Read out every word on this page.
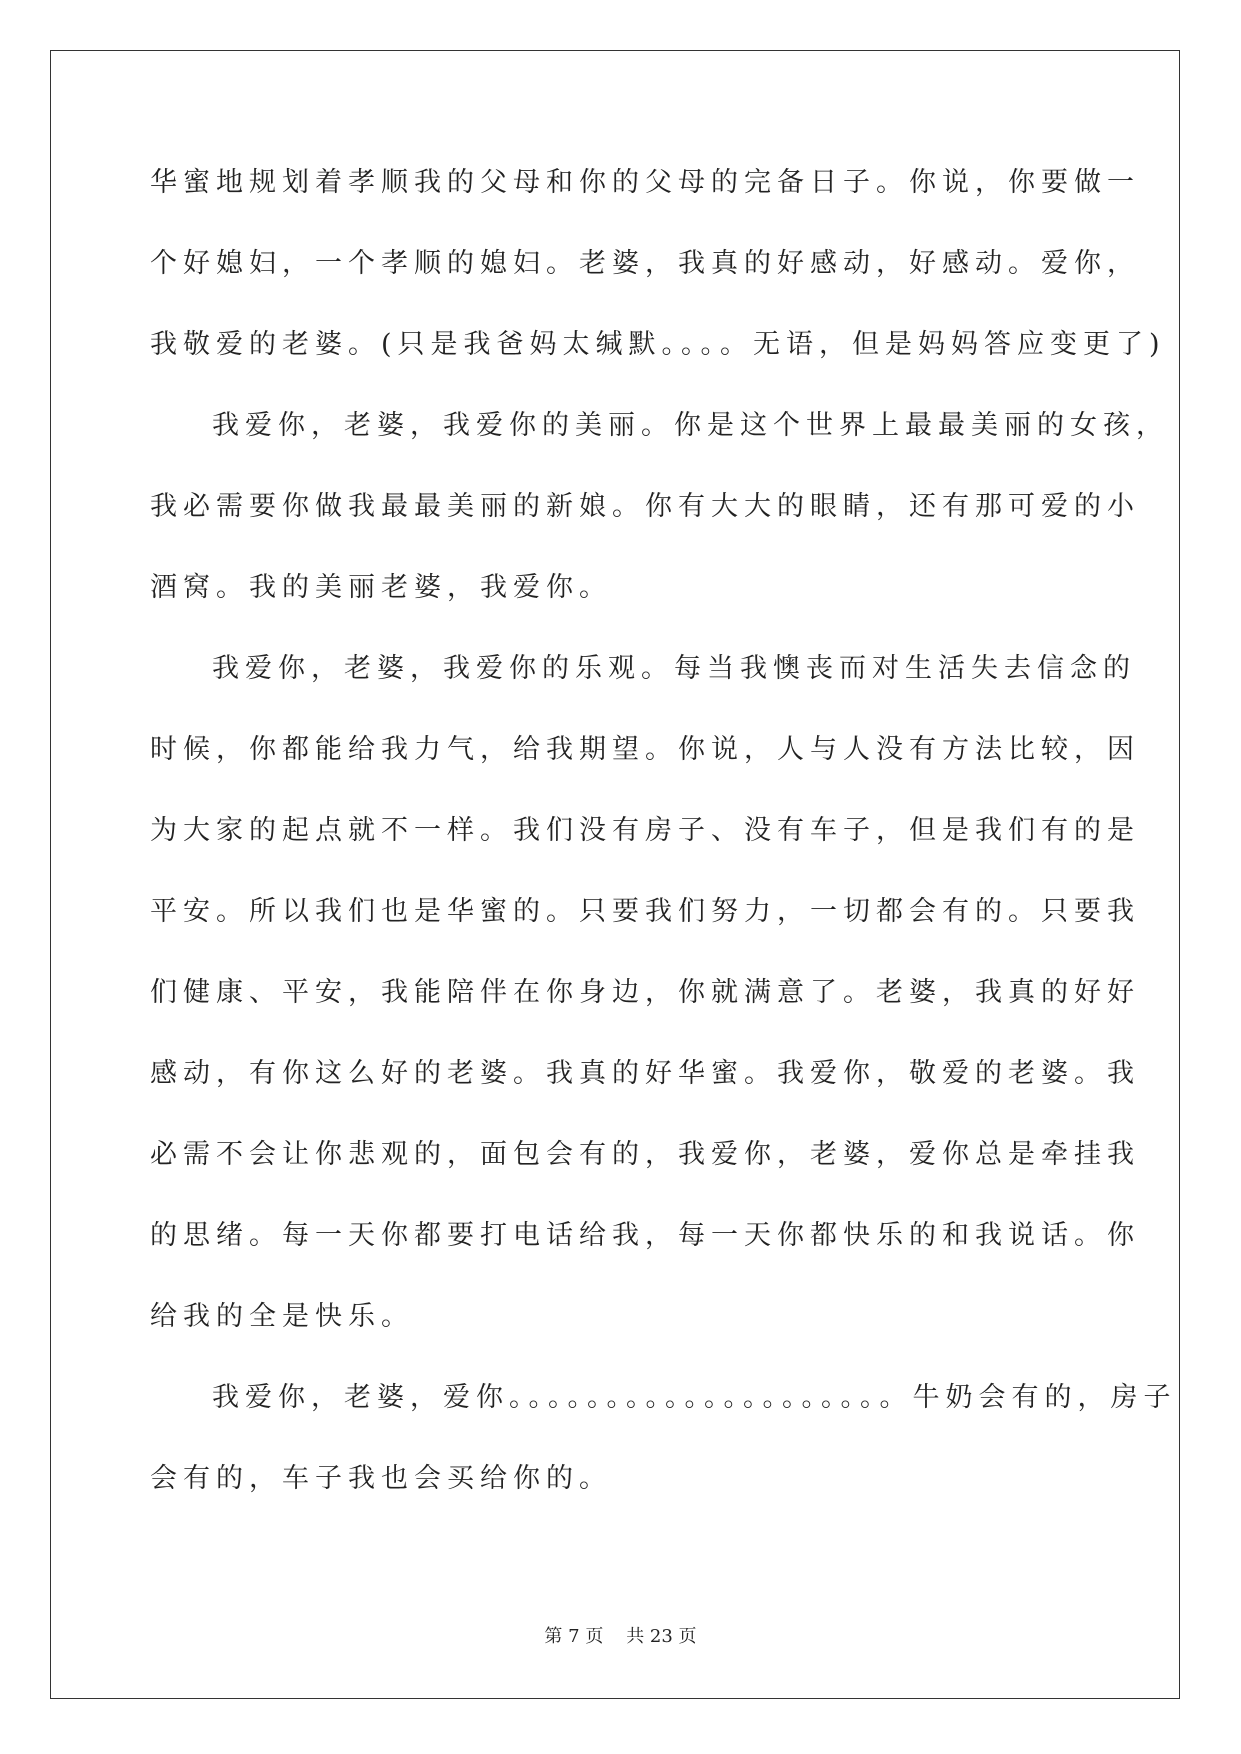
华蜜地规划着孝顺我的父母和你的父母的完备日子。你说，你要做一
个好媳妇，一个孝顺的媳妇。老婆，我真的好感动，好感动。爱你，
我敬爱的老婆。(只是我爸妈太缄默。。。。无语，但是妈妈答应变更了)
我爱你，老婆，我爱你的美丽。你是这个世界上最最美丽的女孩，
我必需要你做我最最美丽的新娘。你有大大的眼睛，还有那可爱的小
酒窝。我的美丽老婆，我爱你。
我爱你，老婆，我爱你的乐观。每当我懊丧而对生活失去信念的
时候，你都能给我力气，给我期望。你说，人与人没有方法比较，因
为大家的起点就不一样。我们没有房子、没有车子，但是我们有的是
平安。所以我们也是华蜜的。只要我们努力，一切都会有的。只要我
们健康、平安，我能陪伴在你身边，你就满意了。老婆，我真的好好
感动，有你这么好的老婆。我真的好华蜜。我爱你，敬爱的老婆。我
必需不会让你悲观的，面包会有的，我爱你，老婆，爱你总是牵挂我
的思绪。每一天你都要打电话给我，每一天你都快乐的和我说话。你
给我的全是快乐。
我爱你，老婆，爱你。。。。。。。。。。。。。。。。。。。。牛奶会有的，房子
会有的，车子我也会买给你的。
第 7 页    共 23 页
